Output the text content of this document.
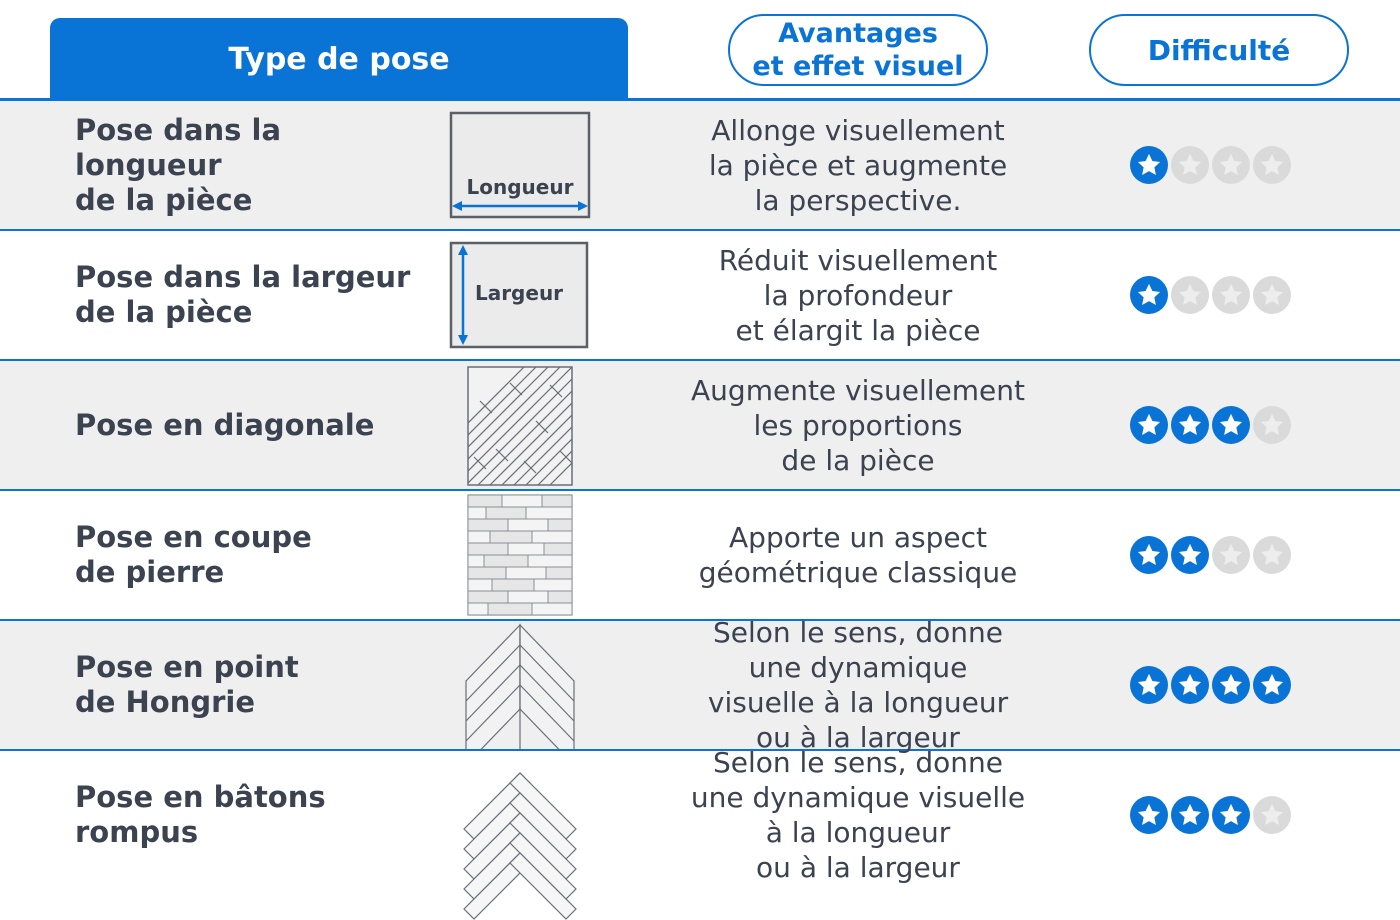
Type de pose
Avantages
et effet visuel	Difficulté
Pose dans la longueur
de la pièce	Longueur
Allonge visuellement
la pièce et augmente
la perspective.
Pose dans la largeur
de la pièce
Largeur
Réduit visuellement
la profondeur
et élargit la pièce
Pose en diagonale
Augmente visuellement
les proportions
de la pièce
Pose en coupe
de pierre
Apporte un aspect
géométrique classique
Pose en point
de Hongrie
Selon le sens, donne
une dynamique
visuelle à la longueur
ou à la largeur
Pose en bâtons
rompus
Selon le sens, donne
une dynamique visuelle
à la longueur
ou à la largeur
